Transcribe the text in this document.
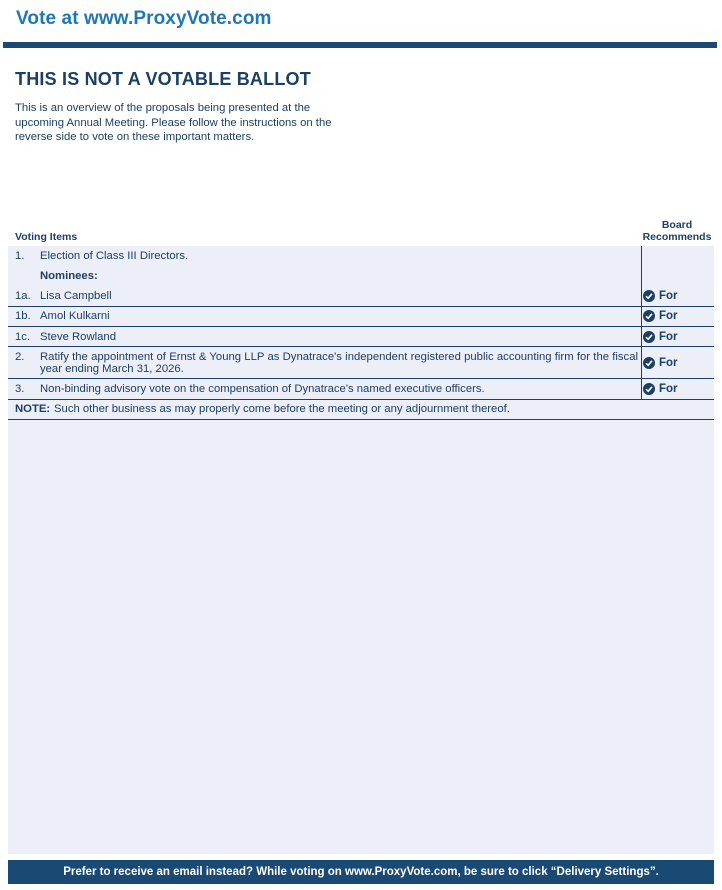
Vote at www.ProxyVote.com
THIS IS NOT A VOTABLE BALLOT
This is an overview of the proposals being presented at the upcoming Annual Meeting. Please follow the instructions on the reverse side to vote on these important matters.
Voting Items
Board Recommends
1. Election of Class III Directors.
Nominees:
1a. Lisa Campbell	For
1b. Amol Kulkarni	For
1c. Steve Rowland	For
2. Ratify the appointment of Ernst & Young LLP as Dynatrace's independent registered public accounting firm for the fiscal year ending March 31, 2026.	For
3. Non-binding advisory vote on the compensation of Dynatrace's named executive officers.	For
NOTE: Such other business as may properly come before the meeting or any adjournment thereof.
Prefer to receive an email instead? While voting on www.ProxyVote.com, be sure to click “Delivery Settings”.
